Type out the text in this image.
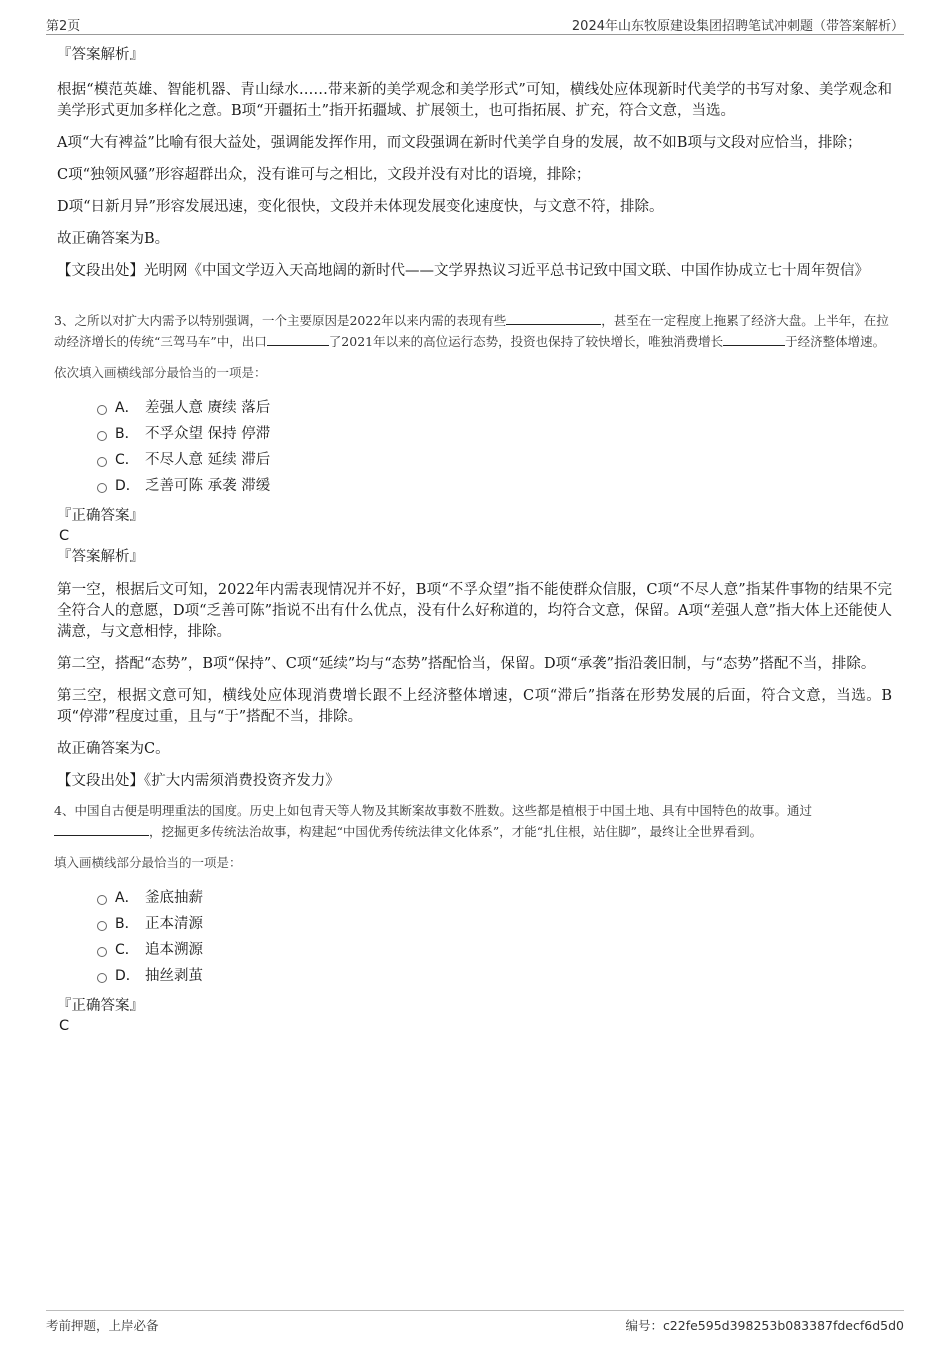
第2页	2024年山东牧原建设集团招聘笔试冲刺题（带答案解析）

『答案解析』

根据“模范英雄、智能机器、青山绿水……带来新的美学观念和美学形式”可知，横线处应体现新时代美学的书写对象、美学观念和美学形式更加多样化之意。B项“开疆拓土”指开拓疆域、扩展领土，也可指拓展、扩充，符合文意，当选。

A项“大有裨益”比喻有很大益处，强调能发挥作用，而文段强调在新时代美学自身的发展，故不如B项与文段对应恰当，排除；

C项“独领风骚”形容超群出众，没有谁可与之相比，文段并没有对比的语境，排除；

D项“日新月异”形容发展迅速，变化很快，文段并未体现发展变化速度快，与文意不符，排除。

故正确答案为B。

【文段出处】光明网《中国文学迈入天高地阔的新时代——文学界热议习近平总书记致中国文联、中国作协成立七十周年贺信》

3、之所以对扩大内需予以特别强调，一个主要原因是2022年以来内需的表现有些	，甚至在一定程度上拖累了经济大盘。上半年，在拉动经济增长的传统“三驾马车”中，出口	了2021年以来的高位运行态势，投资也保持了较快增长，唯独消费增长	于经济整体增速。

依次填入画横线部分最恰当的一项是：

A． 差强人意 赓续 落后
B． 不孚众望 保持 停滞
C． 不尽人意 延续 滞后
D． 乏善可陈 承袭 滞缓

『正确答案』

C

『答案解析』

第一空，根据后文可知，2022年内需表现情况并不好，B项“不孚众望”指不能使群众信服，C项“不尽人意”指某件事物的结果不完全符合人的意愿，D项“乏善可陈”指说不出有什么优点，没有什么好称道的，均符合文意，保留。A项“差强人意”指大体上还能使人满意，与文意相悖，排除。

第二空，搭配“态势”，B项“保持”、C项“延续”均与“态势”搭配恰当，保留。D项“承袭”指沿袭旧制，与“态势”搭配不当，排除。

第三空，根据文意可知，横线处应体现消费增长跟不上经济整体增速，C项“滞后”指落在形势发展的后面，符合文意，当选。B项“停滞”程度过重，且与“于”搭配不当，排除。

故正确答案为C。

【文段出处】《扩大内需须消费投资齐发力》

4、中国自古便是明理重法的国度。历史上如包青天等人物及其断案故事数不胜数。这些都是植根于中国土地、具有中国特色的故事。通过，挖掘更多传统法治故事，构建起“中国优秀传统法律文化体系”，才能“扎住根，站住脚”，最终让全世界看到。

填入画横线部分最恰当的一项是：

A． 釜底抽薪
B． 正本清源
C． 追本溯源
D． 抽丝剥茧

『正确答案』

C

考前押题，上岸必备	编号：c22fe595d398253b083387fdecf6d5d0
